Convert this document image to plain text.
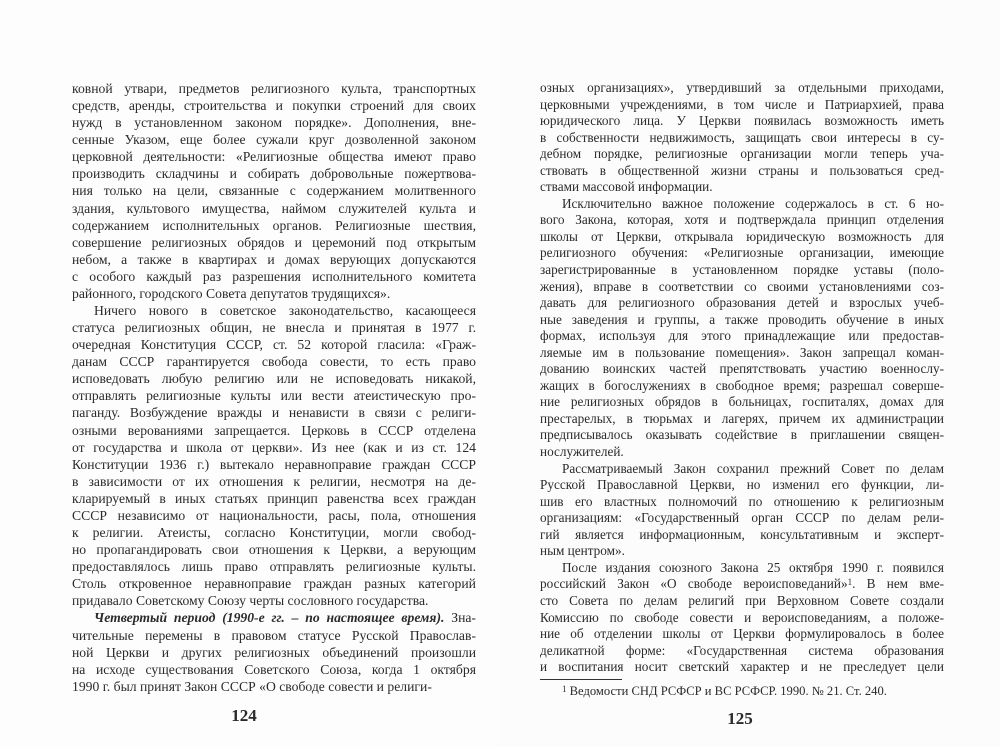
ковной утвари, предметов религиозного культа, транспортных
средств, аренды, строительства и покупки строений для своих
нужд в установленном законом порядке». Дополнения, вне-
сенные Указом, еще более сужали круг дозволенной законом
церковной деятельности: «Религиозные общества имеют право
производить складчины и собирать добровольные пожертвова-
ния только на цели, связанные с содержанием молитвенного
здания, культового имущества, наймом служителей культа и
содержанием исполнительных органов. Религиозные шествия,
совершение религиозных обрядов и церемоний под открытым
небом, а также в квартирах и домах верующих допускаются
с особого каждый раз разрешения исполнительного комитета
районного, городского Совета депутатов трудящихся».
Ничего нового в советское законодательство, касающееся
статуса религиозных общин, не внесла и принятая в 1977 г.
очередная Конституция СССР, ст. 52 которой гласила: «Граж-
данам СССР гарантируется свобода совести, то есть право
исповедовать любую религию или не исповедовать никакой,
отправлять религиозные культы или вести атеистическую про-
паганду. Возбуждение вражды и ненависти в связи с религи-
озными верованиями запрещается. Церковь в СССР отделена
от государства и школа от церкви». Из нее (как и из ст. 124
Конституции 1936 г.) вытекало неравноправие граждан СССР
в зависимости от их отношения к религии, несмотря на де-
кларируемый в иных статьях принцип равенства всех граждан
СССР независимо от национальности, расы, пола, отношения
к религии. Атеисты, согласно Конституции, могли свобод-
но пропагандировать свои отношения к Церкви, а верующим
предоставлялось лишь право отправлять религиозные культы.
Столь откровенное неравноправие граждан разных категорий
придавало Советскому Союзу черты сословного государства.
Четвертый период (1990-е гг. – по настоящее время). Зна-
чительные перемены в правовом статусе Русской Православ-
ной Церкви и других религиозных объединений произошли
на исходе существования Советского Союза, когда 1 октября
1990 г. был принят Закон СССР «О свободе совести и религи-
124
озных организациях», утвердивший за отдельными приходами,
церковными учреждениями, в том числе и Патриархией, права
юридического лица. У Церкви появилась возможность иметь
в собственности недвижимость, защищать свои интересы в су-
дебном порядке, религиозные организации могли теперь уча-
ствовать в общественной жизни страны и пользоваться сред-
ствами массовой информации.
Исключительно важное положение содержалось в ст. 6 но-
вого Закона, которая, хотя и подтверждала принцип отделения
школы от Церкви, открывала юридическую возможность для
религиозного обучения: «Религиозные организации, имеющие
зарегистрированные в установленном порядке уставы (поло-
жения), вправе в соответствии со своими установлениями соз-
давать для религиозного образования детей и взрослых учеб-
ные заведения и группы, а также проводить обучение в иных
формах, используя для этого принадлежащие или предостав-
ляемые им в пользование помещения». Закон запрещал коман-
дованию воинских частей препятствовать участию военнослу-
жащих в богослужениях в свободное время; разрешал соверше-
ние религиозных обрядов в больницах, госпиталях, домах для
престарелых, в тюрьмах и лагерях, причем их администрации
предписывалось оказывать содействие в приглашении священ-
нослужителей.
Рассматриваемый Закон сохранил прежний Совет по делам
Русской Православной Церкви, но изменил его функции, ли-
шив его властных полномочий по отношению к религиозным
организациям: «Государственный орган СССР по делам рели-
гий является информационным, консультативным и эксперт-
ным центром».
После издания союзного Закона 25 октября 1990 г. появился
российский Закон «О свободе вероисповеданий»$^1$. В нем вме-
сто Совета по делам религий при Верховном Совете создали
Комиссию по свободе совести и вероисповеданиям, а положе-
ние об отделении школы от Церкви формулировалось в более
деликатной форме: «Государственная система образования
и воспитания носит светский характер и не преследует цели
$^1$ Ведомости СНД РСФСР и ВС РСФСР. 1990. № 21. Ст. 240.
125
